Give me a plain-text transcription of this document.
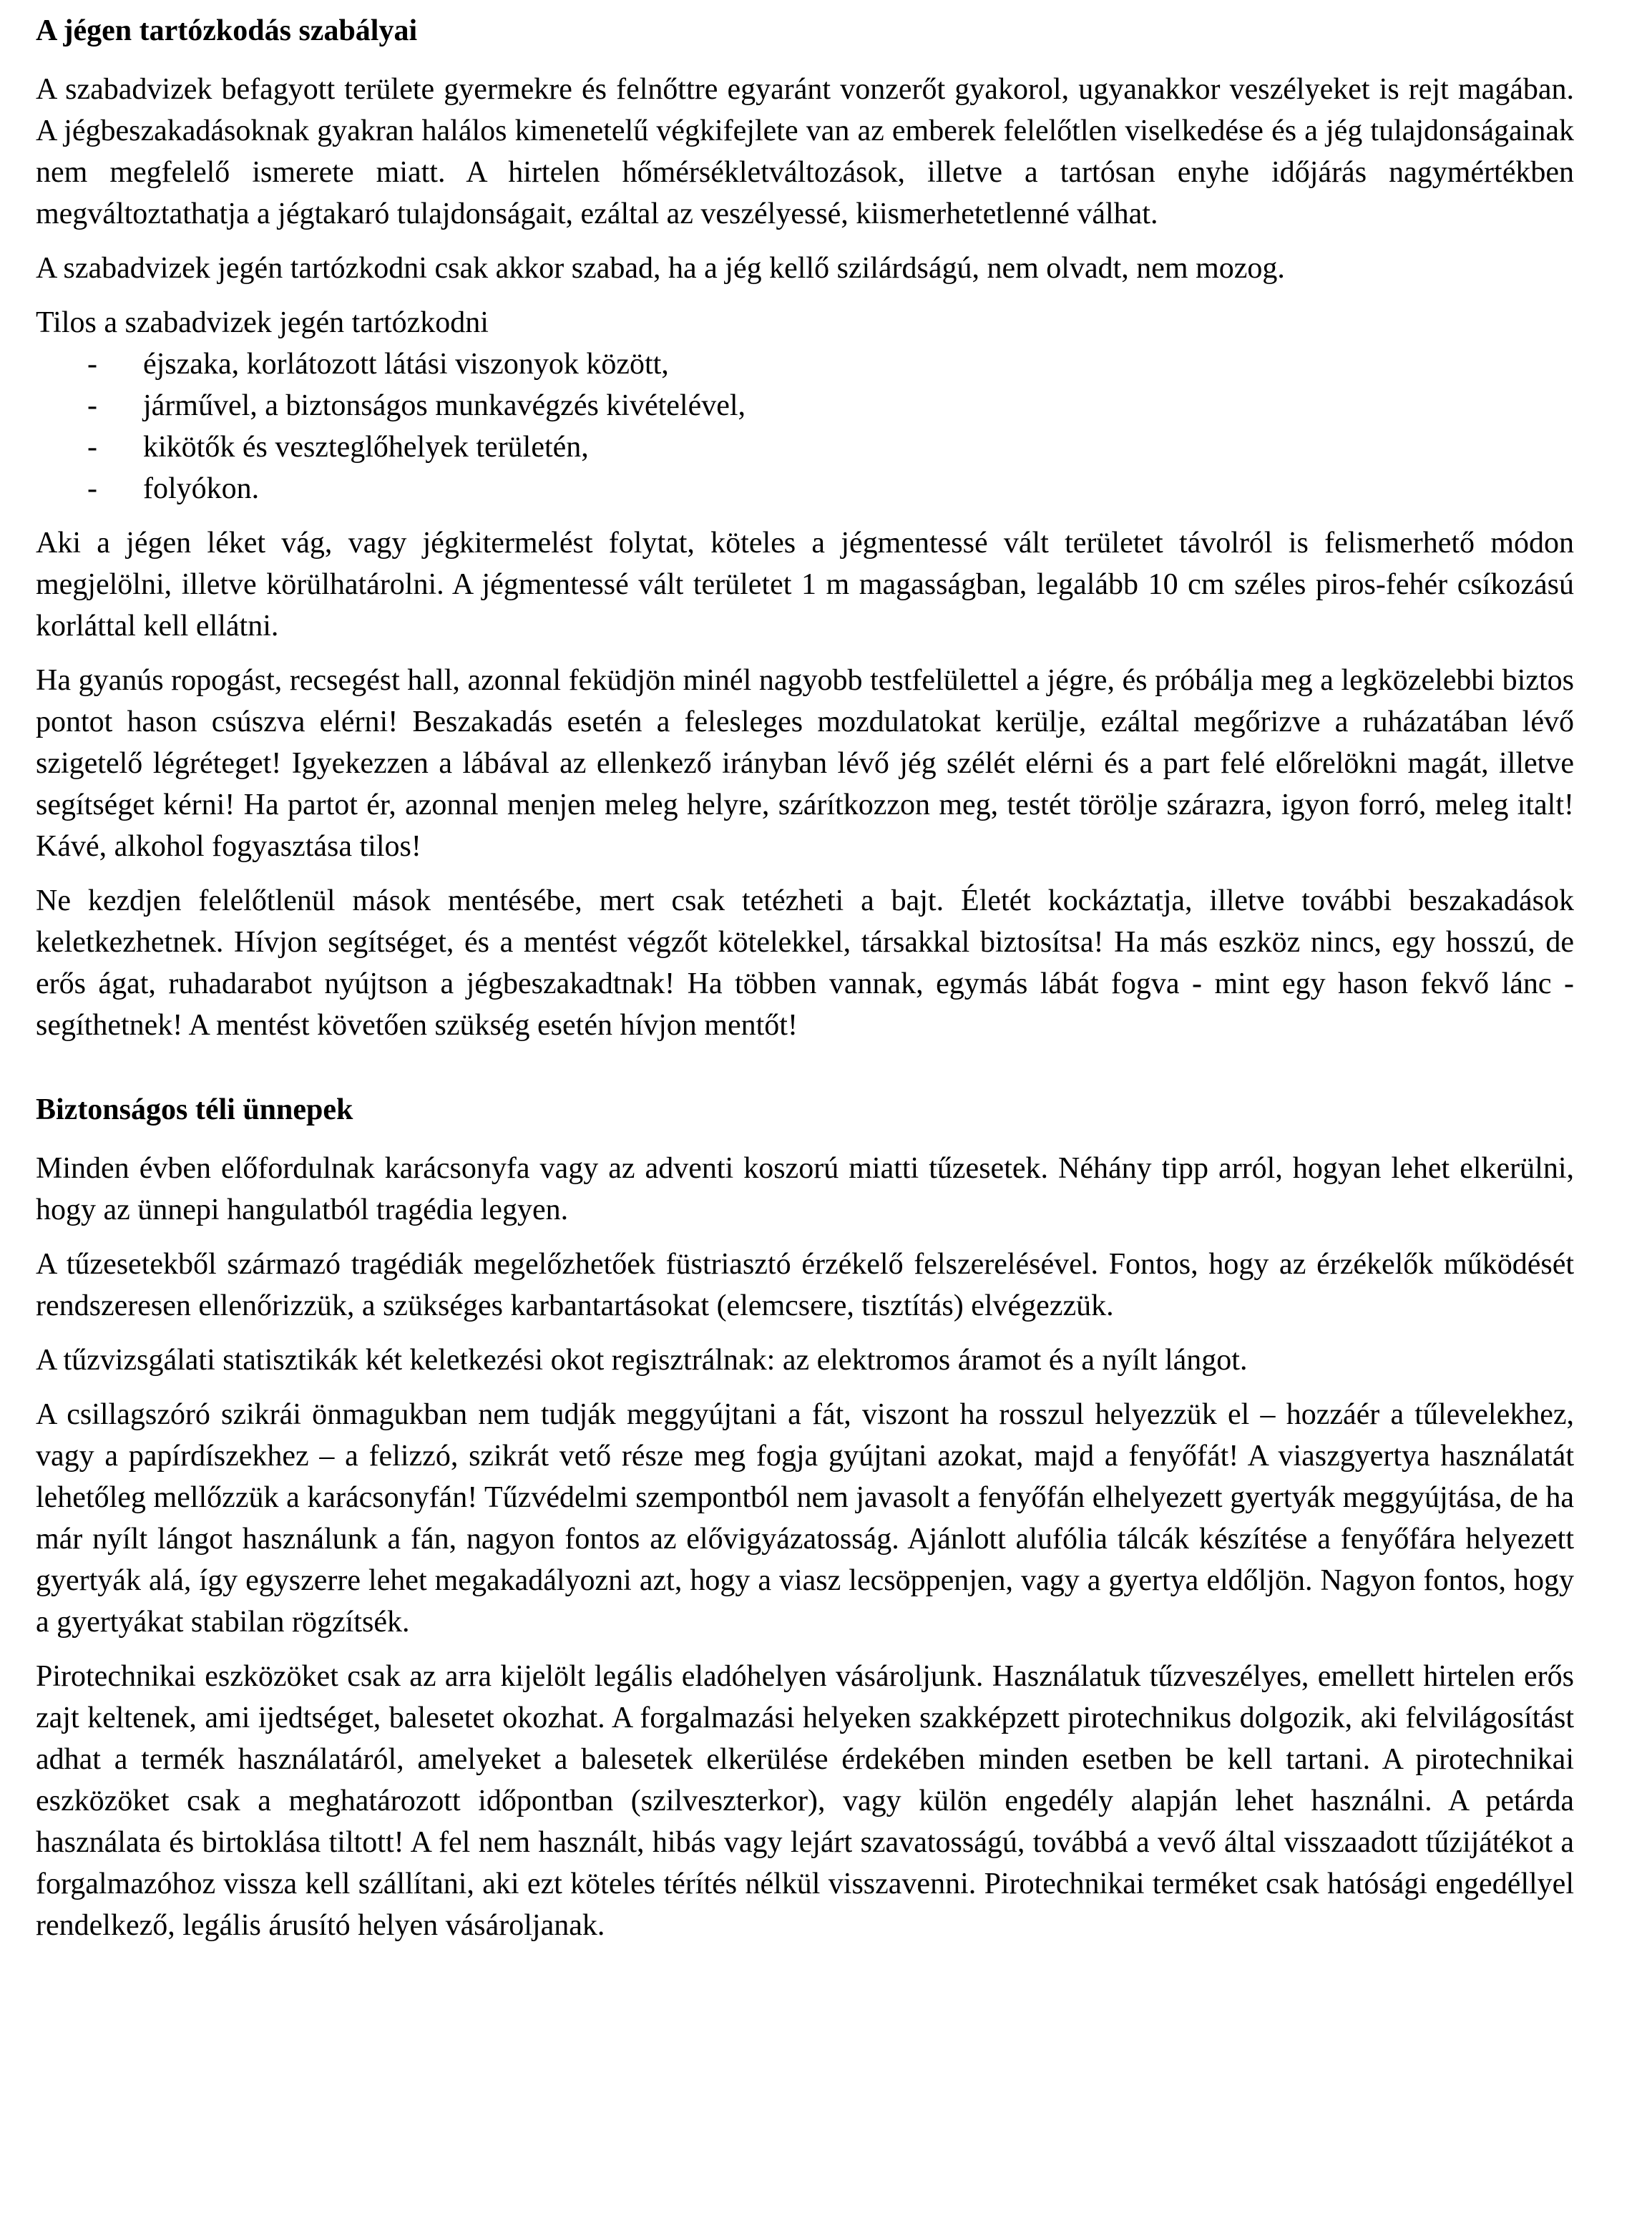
A jégen tartózkodás szabályai

A szabadvizek befagyott területe gyermekre és felnőttre egyaránt vonzerőt gyakorol, ugyanakkor veszélyeket is rejt magában. A jégbeszakadásoknak gyakran halálos kimenetelű végkifejlete van az emberek felelőtlen viselkedése és a jég tulajdonságainak nem megfelelő ismerete miatt. A hirtelen hőmérsékletváltozások, illetve a tartósan enyhe időjárás nagymértékben megváltoztathatja a jégtakaró tulajdonságait, ezáltal az veszélyessé, kiismerhetetlenné válhat.

A szabadvizek jegén tartózkodni csak akkor szabad, ha a jég kellő szilárdságú, nem olvadt, nem mozog.

Tilos a szabadvizek jegén tartózkodni

- éjszaka, korlátozott látási viszonyok között,
- járművel, a biztonságos munkavégzés kivételével,
- kikötők és veszteglőhelyek területén,
- folyókon.

Aki a jégen léket vág, vagy jégkitermelést folytat, köteles a jégmentessé vált területet távolról is felismerhető módon megjelölni, illetve körülhatárolni. A jégmentessé vált területet 1 m magasságban, legalább 10 cm széles piros-fehér csíkozású korláttal kell ellátni.

Ha gyanús ropogást, recsegést hall, azonnal feküdjön minél nagyobb testfelülettel a jégre, és próbálja meg a legközelebbi biztos pontot hason csúszva elérni! Beszakadás esetén a felesleges mozdulatokat kerülje, ezáltal megőrizve a ruházatában lévő szigetelő légréteget! Igyekezzen a lábával az ellenkező irányban lévő jég szélét elérni és a part felé előrelökni magát, illetve segítséget kérni! Ha partot ér, azonnal menjen meleg helyre, szárítkozzon meg, testét törölje szárazra, igyon forró, meleg italt! Kávé, alkohol fogyasztása tilos!

Ne kezdjen felelőtlenül mások mentésébe, mert csak tetézheti a bajt. Életét kockáztatja, illetve további beszakadások keletkezhetnek. Hívjon segítséget, és a mentést végzőt kötelekkel, társakkal biztosítsa! Ha más eszköz nincs, egy hosszú, de erős ágat, ruhadarabot nyújtson a jégbeszakadtnak! Ha többen vannak, egymás lábát fogva - mint egy hason fekvő lánc - segíthetnek! A mentést követően szükség esetén hívjon mentőt!

Biztonságos téli ünnepek

Minden évben előfordulnak karácsonyfa vagy az adventi koszorú miatti tűzesetek. Néhány tipp arról, hogyan lehet elkerülni, hogy az ünnepi hangulatból tragédia legyen.

A tűzesetekből származó tragédiák megelőzhetőek füstriasztó érzékelő felszerelésével. Fontos, hogy az érzékelők működését rendszeresen ellenőrizzük, a szükséges karbantartásokat (elemcsere, tisztítás) elvégezzük.

A tűzvizsgálati statisztikák két keletkezési okot regisztrálnak: az elektromos áramot és a nyílt lángot.

A csillagszóró szikrái önmagukban nem tudják meggyújtani a fát, viszont ha rosszul helyezzük el – hozzáér a tűlevelekhez, vagy a papírdíszekhez – a felizzó, szikrát vető része meg fogja gyújtani azokat, majd a fenyőfát! A viaszgyertya használatát lehetőleg mellőzzük a karácsonyfán! Tűzvédelmi szempontból nem javasolt a fenyőfán elhelyezett gyertyák meggyújtása, de ha már nyílt lángot használunk a fán, nagyon fontos az elővigyázatosság. Ajánlott alufólia tálcák készítése a fenyőfára helyezett gyertyák alá, így egyszerre lehet megakadályozni azt, hogy a viasz lecsöppenjen, vagy a gyertya eldőljön. Nagyon fontos, hogy a gyertyákat stabilan rögzítsék.

Pirotechnikai eszközöket csak az arra kijelölt legális eladóhelyen vásároljunk. Használatuk tűzveszélyes, emellett hirtelen erős zajt keltenek, ami ijedtséget, balesetet okozhat. A forgalmazási helyeken szakképzett pirotechnikus dolgozik, aki felvilágosítást adhat a termék használatáról, amelyeket a balesetek elkerülése érdekében minden esetben be kell tartani. A pirotechnikai eszközöket csak a meghatározott időpontban (szilveszterkor), vagy külön engedély alapján lehet használni. A petárda használata és birtoklása tiltott! A fel nem használt, hibás vagy lejárt szavatosságú, továbbá a vevő által visszaadott tűzijátékot a forgalmazóhoz vissza kell szállítani, aki ezt köteles térítés nélkül visszavenni. Pirotechnikai terméket csak hatósági engedéllyel rendelkező, legális árusító helyen vásároljanak.
